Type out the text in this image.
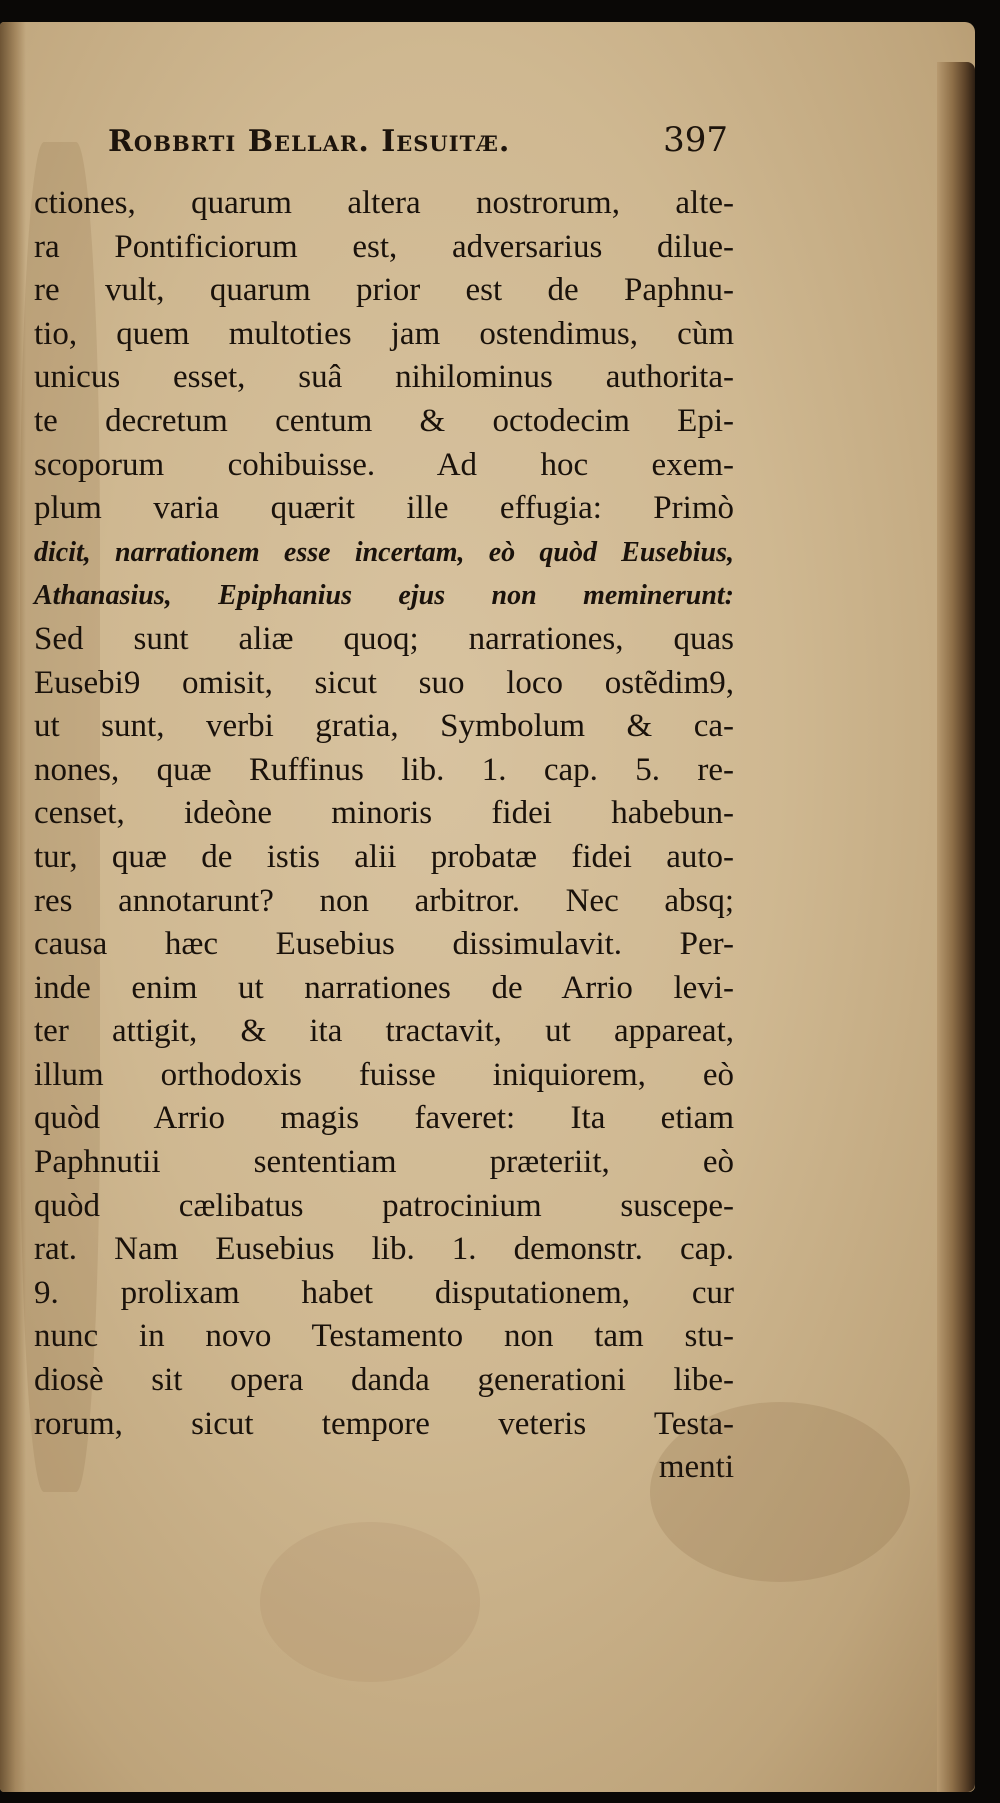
Robbrti Bellar. Iesuitæ.	397
ctiones, quarum altera nostrorum, alte-
ra Pontificiorum est, adversarius dilue-
re vult, quarum prior est de Paphnu-
tio, quem multoties jam ostendimus, cùm
unicus esset, suâ nihilominus authorita-
te decretum centum & octodecim Epi-
scoporum cohibuisse. Ad hoc exem-
plum varia quærit ille effugia: Primò
dicit, narrationem esse incertam, eò quòd Eusebius,
Athanasius, Epiphanius ejus non meminerunt:
Sed sunt aliæ quoq; narrationes, quas
Eusebi9 omisit, sicut suo loco ostẽdim9,
ut sunt, verbi gratia, Symbolum & ca-
nones, quæ Ruffinus lib. 1. cap. 5. re-
censet, ideòne minoris fidei habebun-
tur, quæ de istis alii probatæ fidei auto-
res annotarunt? non arbitror. Nec absq;
causa hæc Eusebius dissimulavit. Per-
inde enim ut narrationes de Arrio levi-
ter attigit, & ita tractavit, ut appareat,
illum orthodoxis fuisse iniquiorem, eò
quòd Arrio magis faveret: Ita etiam
Paphnutii sententiam præteriit, eò
quòd cælibatus patrocinium suscepe-
rat. Nam Eusebius lib. 1. demonstr. cap.
9. prolixam habet disputationem, cur
nunc in novo Testamento non tam stu-
diosè sit opera danda generationi libe-
rorum, sicut tempore veteris Testa-
menti
